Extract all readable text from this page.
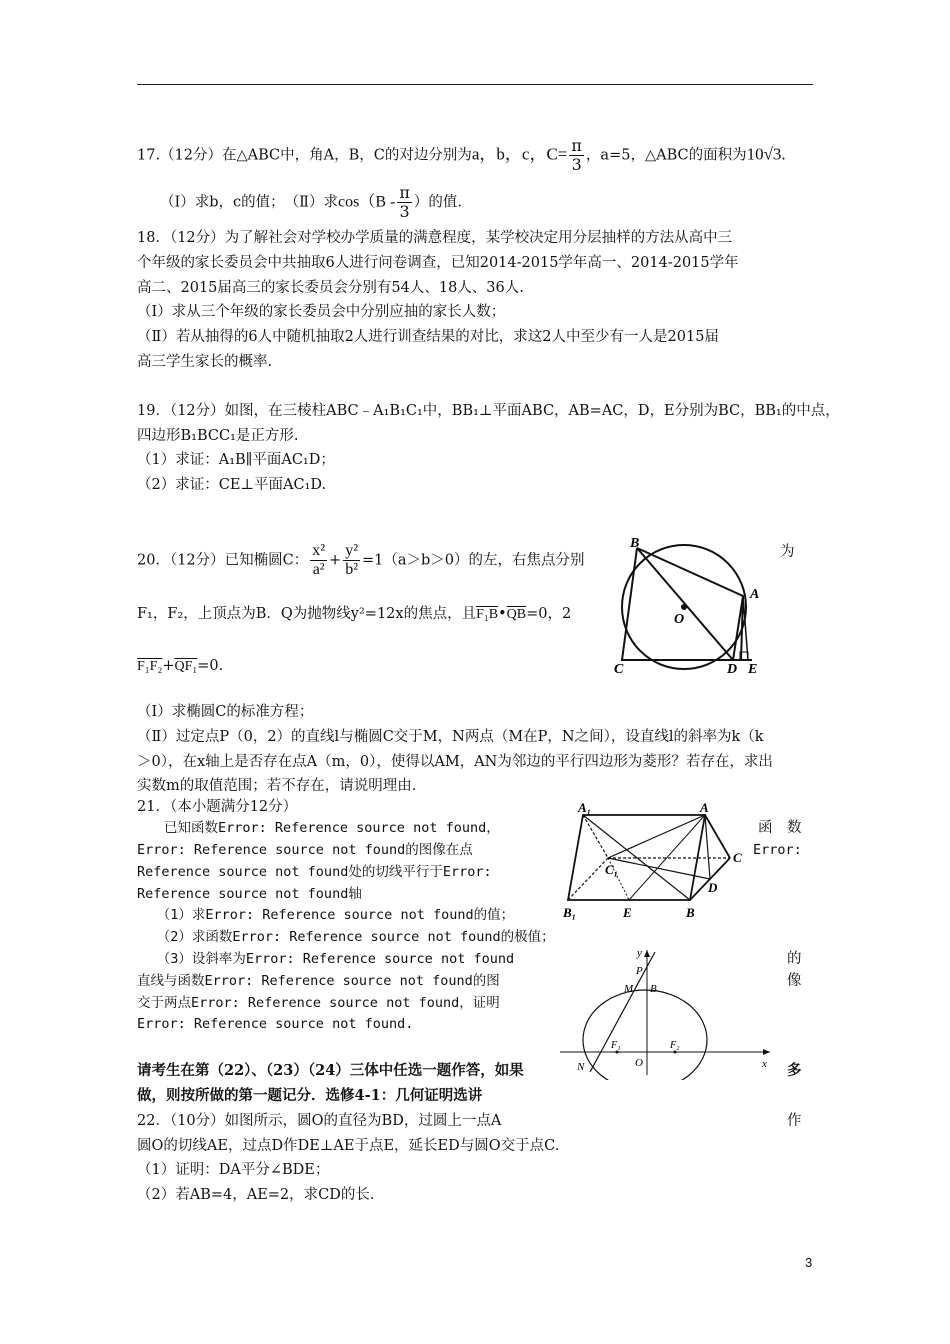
17.（12分）在△ABC中，角A，B，C的对边分别为a，b，c，$C= \frac{\pi}{3}$ ，a=5，△ABC的面积为10√3.
（Ⅰ）求b，c的值；　（Ⅱ）求$\cos(B - \frac{\pi}{3}$ ）的值.
18．（12分）为了解社会对学校办学质量的满意程度，某学校决定用分层抽样的方法从高中三
个年级的家长委员会中共抽取6人进行问卷调查，已知2014-2015学年高一、2014-2015学年
高二、2015届高三的家长委员会分别有54人、18人、36人.
（Ⅰ）求从三个年级的家长委员会中分别应抽的家长人数；
（Ⅱ）若从抽得的6人中随机抽取2人进行训查结果的对比，求这2人中至少有一人是2015届
高三学生家长的概率.
19．（12分）如图，在三棱柱ABC﹣A₁B₁C₁中，BB₁⊥平面ABC，AB=AC，D，E分别为BC，BB₁的中点，
四边形B₁BCC₁是正方形.
（1）求证：A₁B∥平面AC₁D；
（2）求证：CE⊥平面AC₁D.
20．（12分）已知椭圆C： $\frac{\text{x²}}{\text{a²}} + \frac{\text{y²}}{\text{b²}} =1(a>b>0)$的左，右焦点分别
为
F₁，F₂，上顶点为B．Q为抛物线y²=12x的焦点，且$F_1B•\overline{QB}=0$，2
F₁F₂+QF₁=0.
（Ⅰ）求椭圆C的标准方程；
（Ⅱ）过定点P（0，2）的直线l与椭圆C交于M，N两点（M在P，N之间），设直线l的斜率为k（k
＞0），在x轴上是否存在点A（m，0），使得以AM，AN为邻边的平行四边形为菱形？若存在，求出
实数m的取值范围；若不存在，请说明理由.
21．（本小题满分12分）
　　已知函数Error: Reference source not found，	函　数
Error: Reference source not found的图像在点	Error:
Reference source not found处的切线平行于Error:
Reference source not found轴
　（1）求Error: Reference source not found的值；
　（2）求函数Error: Reference source not found的极值；
　（3）设斜率为Error: Reference source not found	的
直线与函数Error: Reference source not found的图	像
交于两点Error: Reference source not found，证明
Error: Reference source not found.
请考生在第（22）、（23）（24）三体中任选一题作答，如果	多
做，则按所做的第一题记分．选修4-1：几何证明选讲
22．（10分）如图所示，圆O的直径为BD，过圆上一点A	作
圆O的切线AE，过点D作DE⊥AE于点E，延长ED与圆O交于点C.
（1）证明：DA平分∠BDE；
（2）若AB=4，AE=2，求CD的长.
B
A
O
C	D E
A₁	A
C₁
C
D
B₁	E	B
y
x
P
M B
F₁
O
F₂
N
3
